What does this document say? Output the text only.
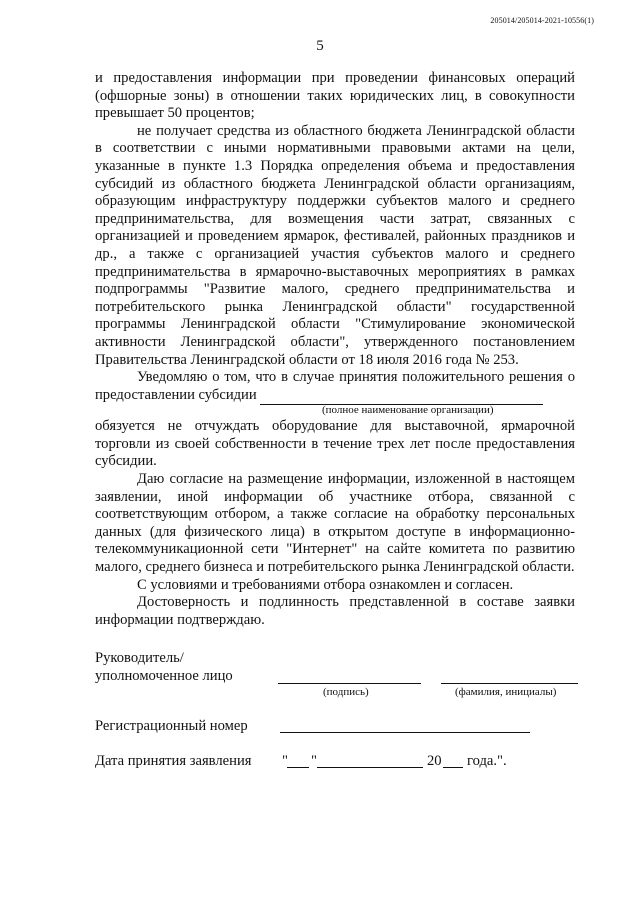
205014/205014-2021-10556(1)
5

и предоставления информации при проведении финансовых операций (офшорные зоны) в отношении таких юридических лиц, в совокупности превышает 50 процентов;

не получает средства из областного бюджета Ленинградской области в соответствии с иными нормативными правовыми актами на цели, указанные в пункте 1.3 Порядка определения объема и предоставления субсидий из областного бюджета Ленинградской области организациям, образующим инфраструктуру поддержки субъектов малого и среднего предпринимательства, для возмещения части затрат, связанных с организацией и проведением ярмарок, фестивалей, районных праздников и др., а также с организацией участия субъектов малого и среднего предпринимательства в ярмарочно-выставочных мероприятиях в рамках подпрограммы "Развитие малого, среднего предпринимательства и потребительского рынка Ленинградской области" государственной программы Ленинградской области "Стимулирование экономической активности Ленинградской области", утвержденного постановлением Правительства Ленинградской области от 18 июля 2016 года № 253.

Уведомляю о том, что в случае принятия положительного решения о предоставлении субсидии

(полное наименование организации)

обязуется не отчуждать оборудование для выставочной, ярмарочной торговли из своей собственности в течение трех лет после предоставления субсидии.

Даю согласие на размещение информации, изложенной в настоящем заявлении, иной информации об участнике отбора, связанной с соответствующим отбором, а также согласие на обработку персональных данных (для физического лица) в открытом доступе в информационно-телекоммуникационной сети "Интернет" на сайте комитета по развитию малого, среднего бизнеса и потребительского рынка Ленинградской области.

С условиями и требованиями отбора ознакомлен и согласен.

Достоверность и подлинность представленной в составе заявки информации подтверждаю.

Руководитель/
уполномоченное лицо
(подпись)	(фамилия, инициалы)
Регистрационный номер
Дата принятия заявления " "	20 года.".
